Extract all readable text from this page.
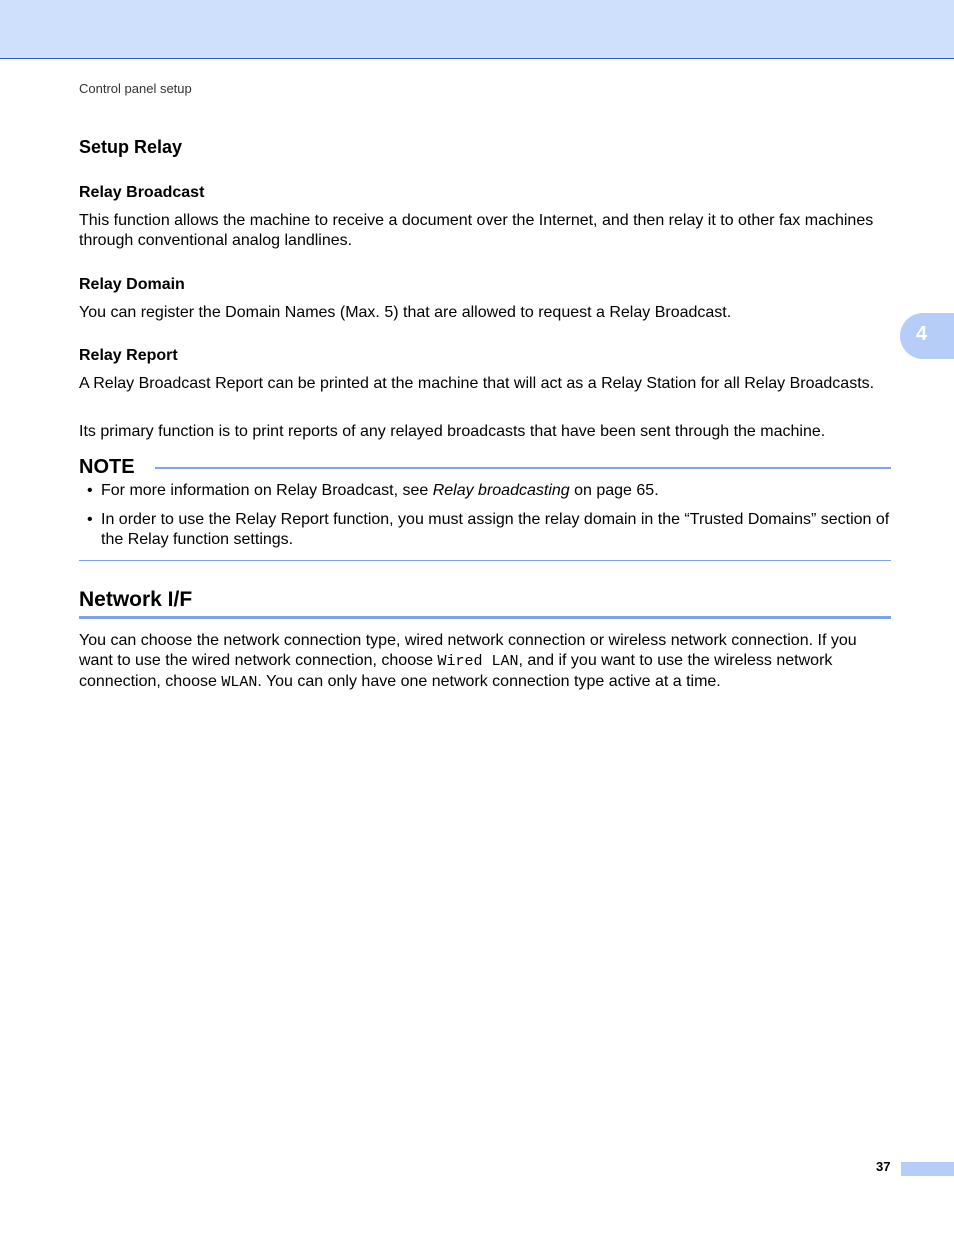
Control panel setup
4
Setup Relay
Relay Broadcast
This function allows the machine to receive a document over the Internet, and then relay it to other fax machines through conventional analog landlines.
Relay Domain
You can register the Domain Names (Max. 5) that are allowed to request a Relay Broadcast.
Relay Report
A Relay Broadcast Report can be printed at the machine that will act as a Relay Station for all Relay Broadcasts.
Its primary function is to print reports of any relayed broadcasts that have been sent through the machine.
NOTE
• For more information on Relay Broadcast, see Relay broadcasting on page 65.
• In order to use the Relay Report function, you must assign the relay domain in the “Trusted Domains” section of the Relay function settings.
Network I/F
You can choose the network connection type, wired network connection or wireless network connection. If you want to use the wired network connection, choose Wired LAN, and if you want to use the wireless network connection, choose WLAN. You can only have one network connection type active at a time.
37
